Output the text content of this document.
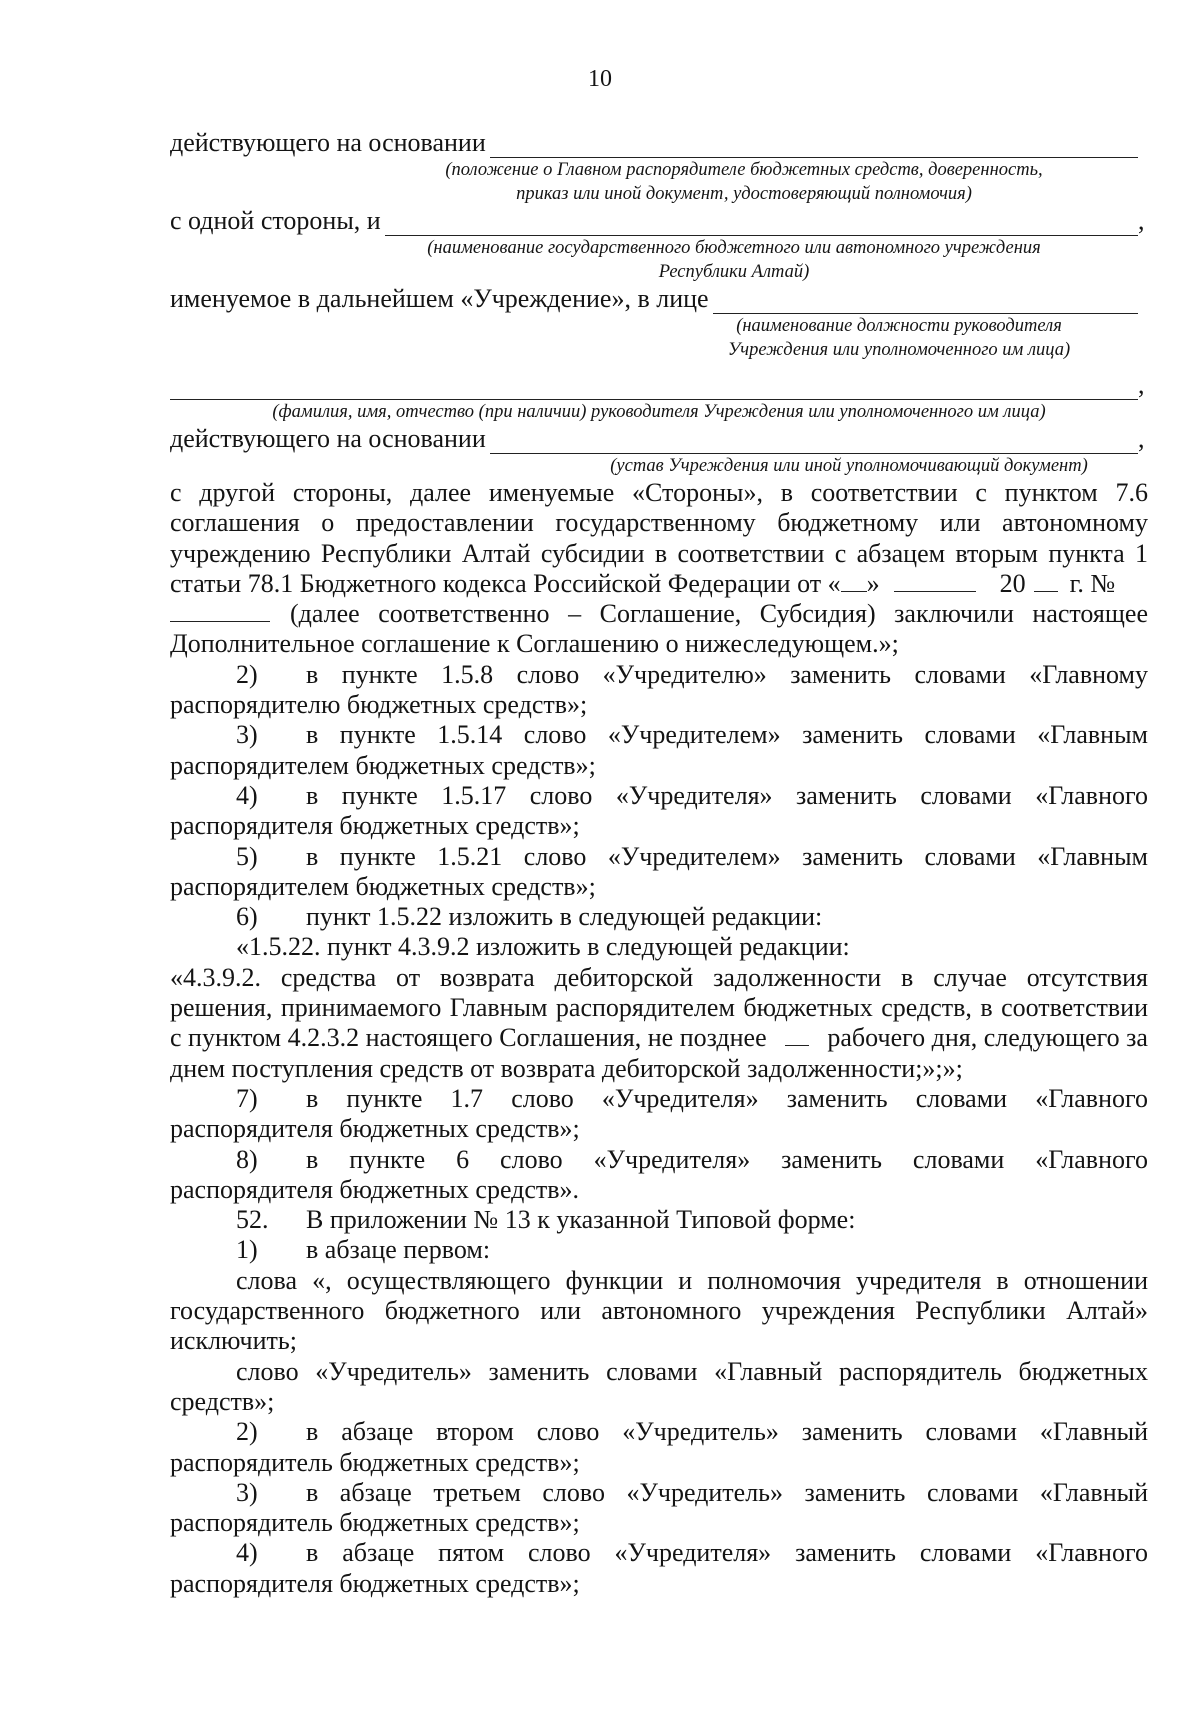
10
действующего на основании
(положение о Главном распорядителе бюджетных средств, доверенность,
приказ или иной документ, удостоверяющий полномочия)
с одной стороны, и	,
(наименование государственного бюджетного или автономного учреждения
Республики Алтай)
именуемое в дальнейшем «Учреждение», в лице
(наименование должности руководителя
Учреждения или уполномоченного им лица)
,
(фамилия, имя, отчество (при наличии) руководителя Учреждения или уполномоченного им лица)
действующего на основании	,
(устав Учреждения или иной уполномочивающий документ)
с другой стороны, далее именуемые «Стороны», в соответствии с пунктом 7.6
соглашения о предоставлении государственному бюджетному или автономному
учреждению Республики Алтай субсидии в соответствии с абзацем вторым пункта 1
статьи 78.1 Бюджетного кодекса Российской Федерации от « »	20 г. №
(далее соответственно – Соглашение, Субсидия) заключили настоящее
Дополнительное соглашение к Соглашению о нижеследующем.»;
2) в пункте 1.5.8 слово «Учредителю» заменить словами «Главному
распорядителю бюджетных средств»;
3) в пункте 1.5.14 слово «Учредителем» заменить словами «Главным
распорядителем бюджетных средств»;
4) в пункте 1.5.17 слово «Учредителя» заменить словами «Главного
распорядителя бюджетных средств»;
5) в пункте 1.5.21 слово «Учредителем» заменить словами «Главным
распорядителем бюджетных средств»;
6) пункт 1.5.22 изложить в следующей редакции:
«1.5.22. пункт 4.3.9.2 изложить в следующей редакции:
«4.3.9.2. средства от возврата дебиторской задолженности в случае отсутствия
решения, принимаемого Главным распорядителем бюджетных средств, в соответствии
с пунктом 4.2.3.2 настоящего Соглашения, не позднее рабочего дня, следующего за
днем поступления средств от возврата дебиторской задолженности;»;»;
7) в пункте 1.7 слово «Учредителя» заменить словами «Главного
распорядителя бюджетных средств»;
8) в пункте 6 слово «Учредителя» заменить словами «Главного
распорядителя бюджетных средств».
52. В приложении № 13 к указанной Типовой форме:
1) в абзаце первом:
слова «, осуществляющего функции и полномочия учредителя в отношении
государственного бюджетного или автономного учреждения Республики Алтай»
исключить;
слово «Учредитель» заменить словами «Главный распорядитель бюджетных
средств»;
2) в абзаце втором слово «Учредитель» заменить словами «Главный
распорядитель бюджетных средств»;
3) в абзаце третьем слово «Учредитель» заменить словами «Главный
распорядитель бюджетных средств»;
4) в абзаце пятом слово «Учредителя» заменить словами «Главного
распорядителя бюджетных средств»;
